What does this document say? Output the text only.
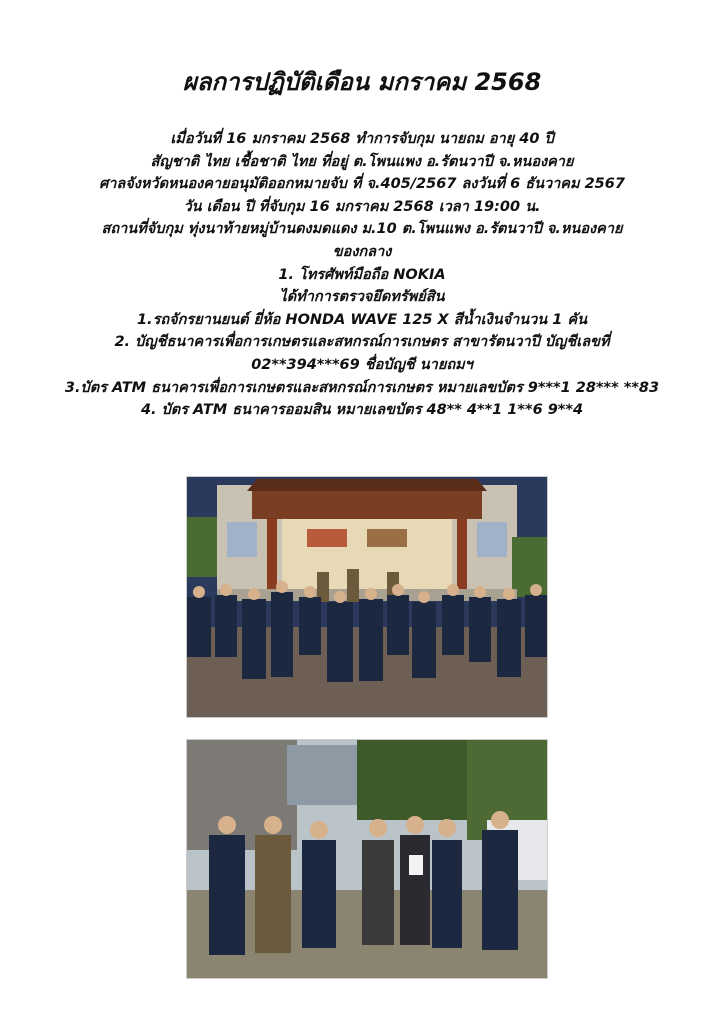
ผลการปฏิบัติเดือน มกราคม 2568
เมื่อวันที่ 16 มกราคม 2568 ทำการจับกุม นายถม อายุ 40 ปี
สัญชาติ ไทย เชื้อชาติ ไทย ที่อยู่ ต.โพนแพง อ.รัตนวาปี จ.หนองคาย
ศาลจังหวัดหนองคายอนุมัติออกหมายจับ ที่ จ.405/2567 ลงวันที่ 6 ธันวาคม 2567
วัน เดือน ปี ที่จับกุม 16 มกราคม 2568 เวลา 19:00 น.
สถานที่จับกุม ทุ่งนาท้ายหมู่บ้านดงมดแดง ม.10 ต.โพนแพง อ.รัตนวาปี จ.หนองคาย
ของกลาง
1. โทรศัพท์มือถือ NOKIA
ได้ทำการตรวจยึดทรัพย์สิน
1.รถจักรยานยนต์ ยี่ห้อ HONDA WAVE 125 X สีน้ำเงินจำนวน 1 คัน
2. บัญชีธนาคารเพื่อการเกษตรและสหกรณ์การเกษตร สาขารัตนวาปี บัญชีเลขที่
02**394***69 ชื่อบัญชี นายถมฯ
3.บัตร ATM ธนาคารเพื่อการเกษตรและสหกรณ์การเกษตร หมายเลขบัตร 9***1 28*** **83
4. บัตร ATM ธนาคารออมสิน หมายเลขบัตร 48** 4**1 1**6 9**4
